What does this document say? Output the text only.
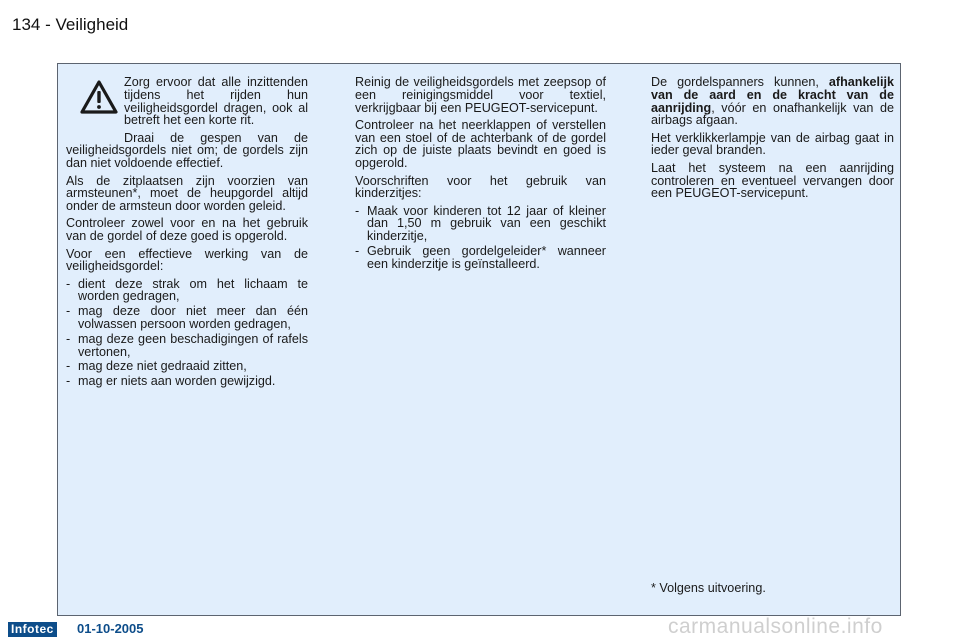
134 - Veiligheid

Zorg ervoor dat alle inzittenden tijdens het rijden hun veiligheidsgordel dragen, ook al betreft het een korte rit.

Draai de gespen van de veiligheidsgordels niet om; de gordels zijn dan niet voldoende effectief.

Als de zitplaatsen zijn voorzien van armsteunen*, moet de heupgordel altijd onder de armsteun door worden geleid.

Controleer zowel voor en na het gebruik van de gordel of deze goed is opgerold.

Voor een effectieve werking van de veiligheidsgordel:

- dient deze strak om het lichaam te worden gedragen,
- mag deze door niet meer dan één volwassen persoon worden gedragen,
- mag deze geen beschadigingen of rafels vertonen,
- mag deze niet gedraaid zitten,
- mag er niets aan worden gewijzigd.

Reinig de veiligheidsgordels met zeepsop of een reinigingsmiddel voor textiel, verkrijgbaar bij een PEUGEOT-servicepunt.

Controleer na het neerklappen of verstellen van een stoel of de achterbank of de gordel zich op de juiste plaats bevindt en goed is opgerold.

Voorschriften voor het gebruik van kinderzitjes:

- Maak voor kinderen tot 12 jaar of kleiner dan 1,50 m gebruik van een geschikt kinderzitje,
- Gebruik geen gordelgeleider* wanneer een kinderzitje is geïnstalleerd.

De gordelspanners kunnen, afhankelijk van de aard en de kracht van de aanrijding, vóór en onafhankelijk van de airbags afgaan.

Het verklikkerlampje van de airbag gaat in ieder geval branden.

Laat het systeem na een aanrijding controleren en eventueel vervangen door een PEUGEOT-servicepunt.

* Volgens uitvoering.
Infotec 01-10-2005	carmanualsonline.info
